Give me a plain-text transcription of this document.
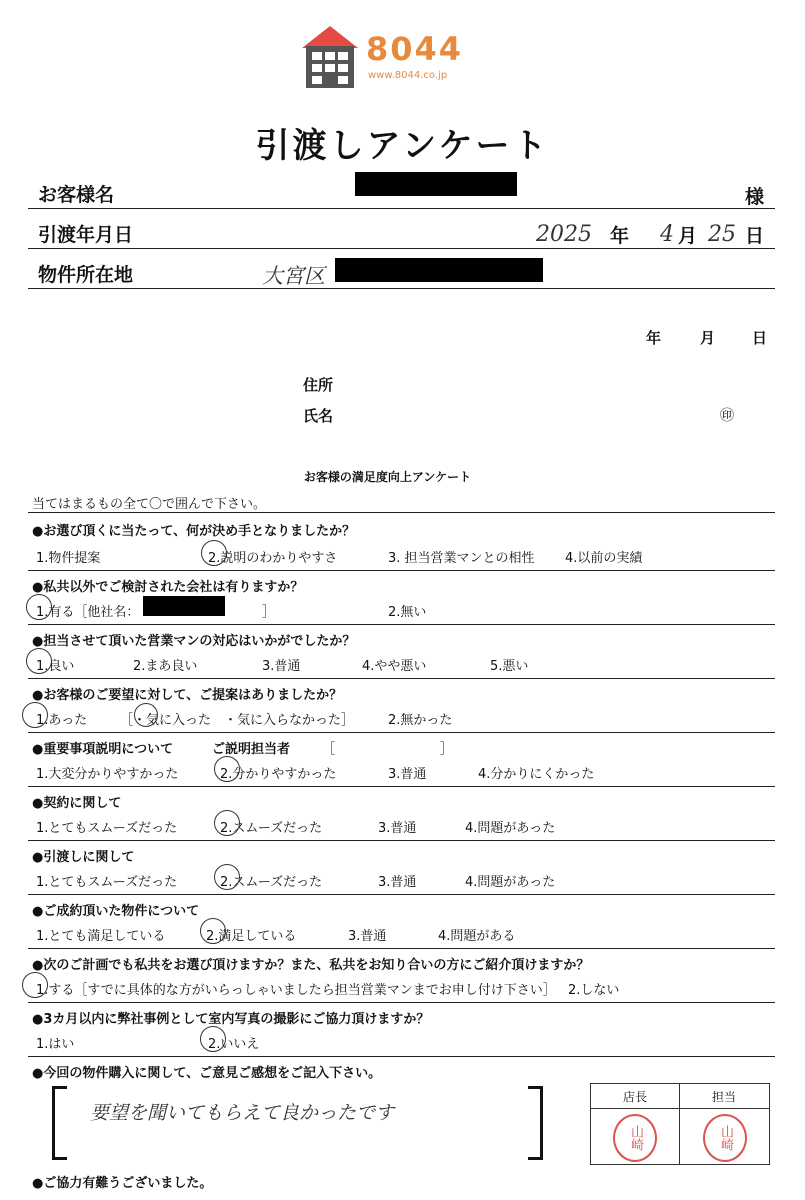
8044
www.8044.co.jp
引渡しアンケート
お客様名	様
引渡年月日	2025 年 4 月 25 日
物件所在地	大宮区
年	月 日
住所
氏名	㊞
お客様の満足度向上アンケート
当てはまるもの全て〇で囲んで下さい。
●お選び頂くに当たって、何が決め手となりましたか？
1.物件提案	2.説明のわかりやすさ	3. 担当営業マンとの相性 4.以前の実績
●私共以外でご検討された会社は有りますか？
1.有る［他社名：	］	2.無い
●担当させて頂いた営業マンの対応はいかがでしたか？
1.良い	2.まあ良い	3.普通	4.やや悪い	5.悪い
●お客様のご要望に対して、ご提案はありましたか？
1.あった	［・気に入った　・気に入らなかった］	2.無かった
●重要事項説明について	ご説明担当者 ［	］
1.大変分かりやすかった	2.分かりやすかった	3.普通	4.分かりにくかった
●契約に関して
1.とてもスムーズだった	2.スムーズだった	3.普通	4.問題があった
●引渡しに関して
1.とてもスムーズだった	2.スムーズだった	3.普通	4.問題があった
●ご成約頂いた物件について
1.とても満足している	2.満足している	3.普通	4.問題がある
●次のご計画でも私共をお選び頂けますか？また、私共をお知り合いの方にご紹介頂けますか？
1.する［すでに具体的な方がいらっしゃいましたら担当営業マンまでお申し付け下さい］ 2.しない
●3カ月以内に弊社事例として室内写真の撮影にご協力頂けますか？
1.はい	2.いいえ
●今回の物件購入に関して、ご意見ご感想をご記入下さい。
要望を聞いてもらえて良かったです
店長	担当
山崎	山崎
●ご協力有難うございました。
